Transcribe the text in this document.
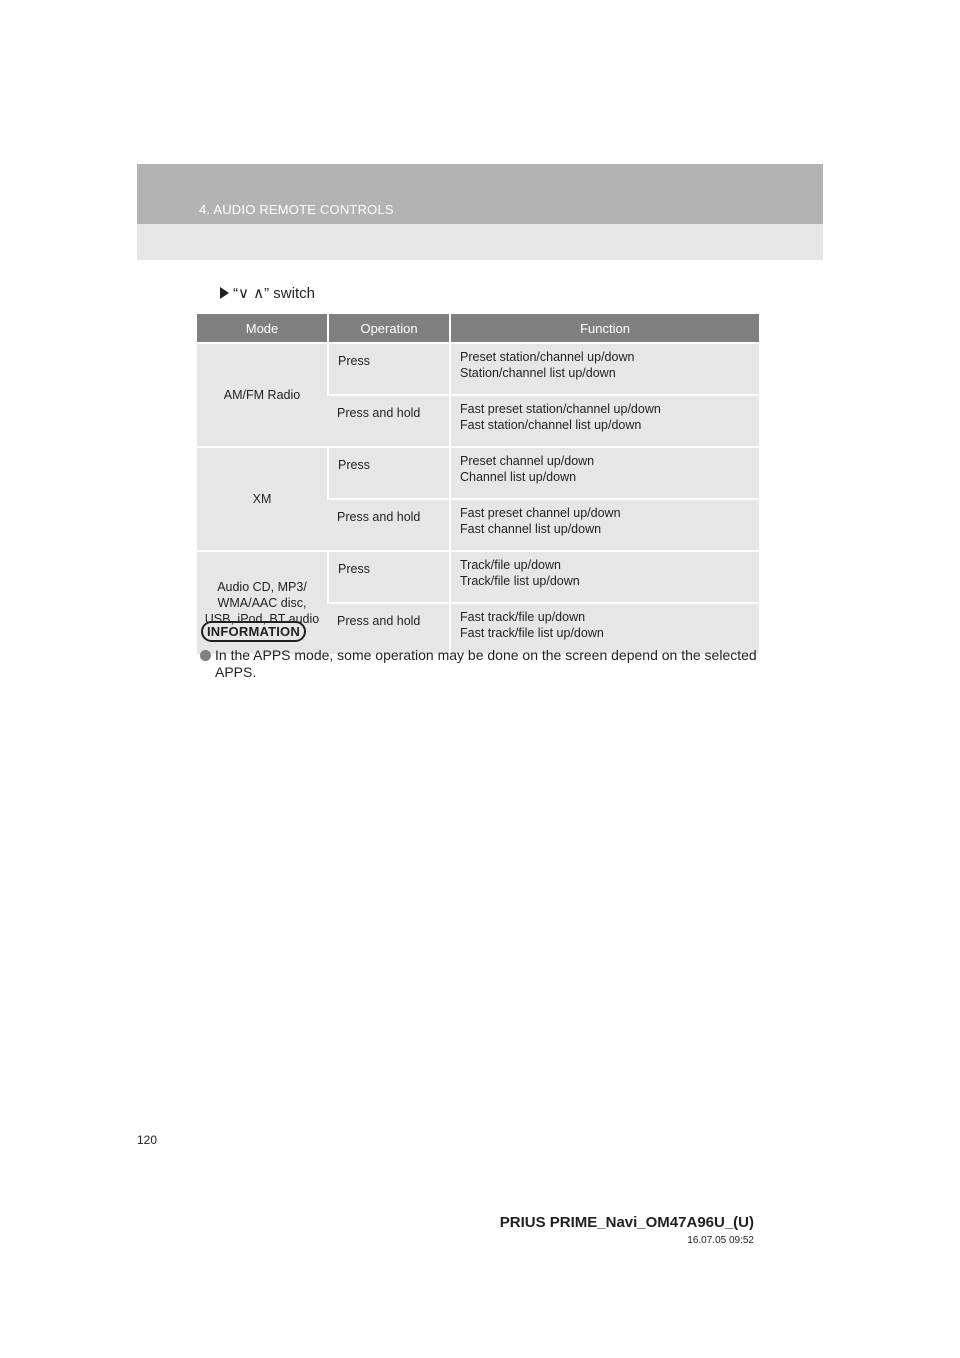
4. AUDIO REMOTE CONTROLS
“∨ ∧” switch
Mode	Operation	Function
AM/FM Radio	Press	Preset station/channel up/down
Station/channel list up/down

	Press and hold	Fast preset station/channel up/down
Fast station/channel list up/down

XM	Press	Preset channel up/down
Channel list up/down

	Press and hold	Fast preset channel up/down
Fast channel list up/down

Audio CD, MP3/ WMA/AAC disc, USB, iPod, BT audio	Press	Track/file up/down
Track/file list up/down

	Press and hold	Fast track/file up/down
Fast track/file list up/down
INFORMATION
In the APPS mode, some operation may be done on the screen depend on the selected APPS.
120
PRIUS PRIME_Navi_OM47A96U_(U)
16.07.05 09:52
